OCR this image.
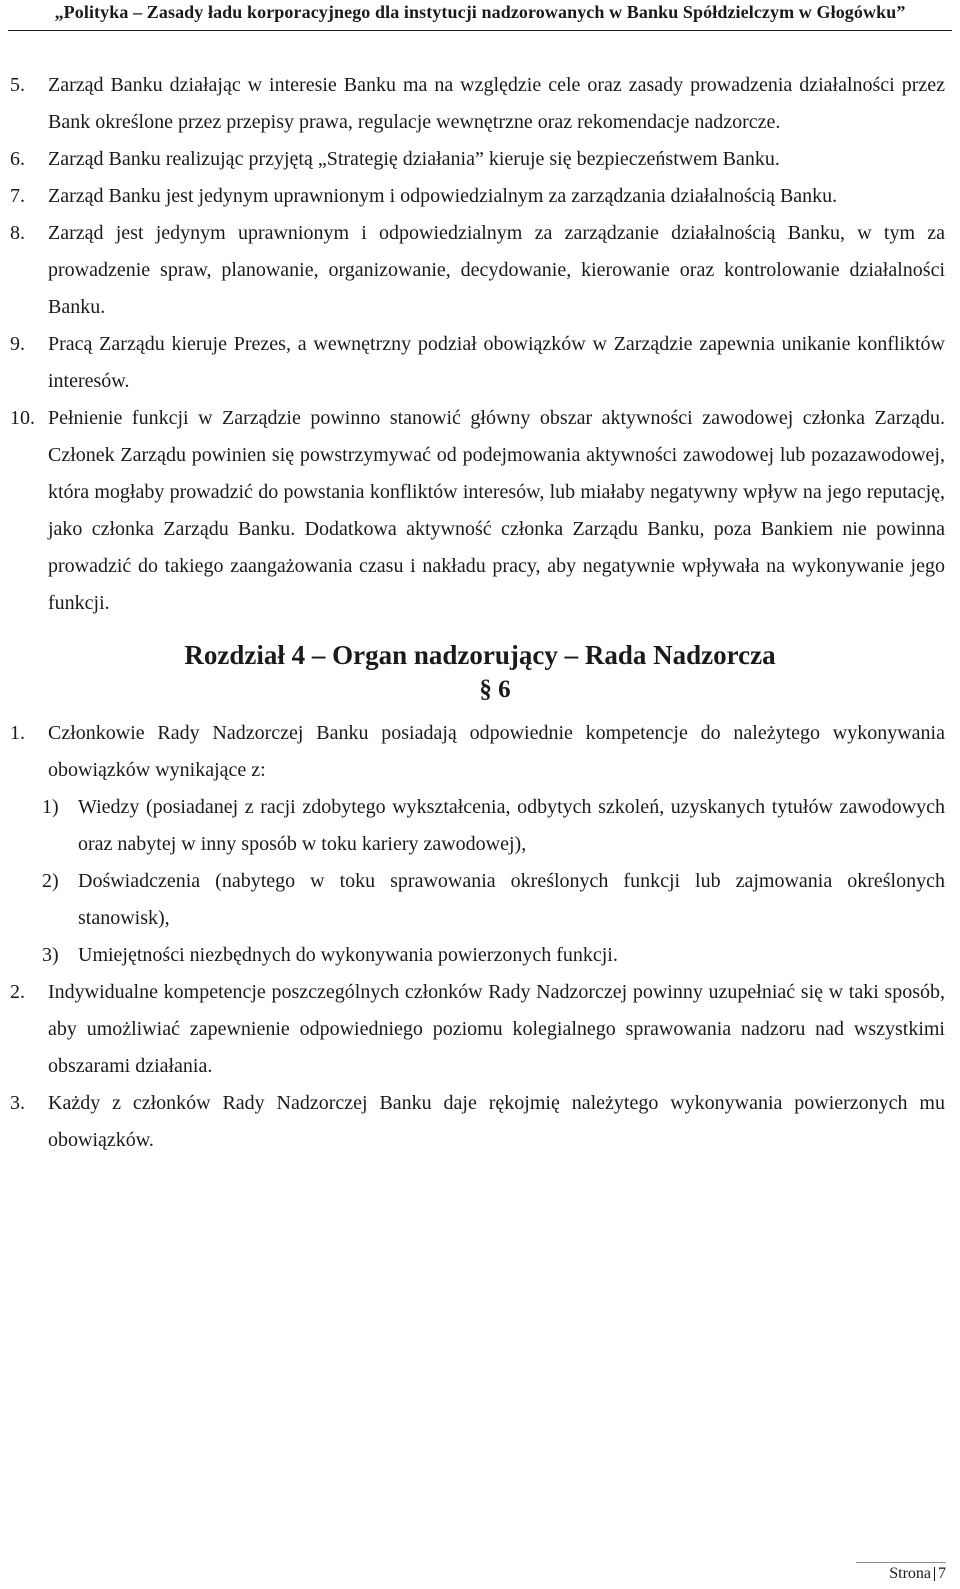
„Polityka – Zasady ładu korporacyjnego dla instytucji nadzorowanych w Banku Spółdzielczym w Głogówku”
5. Zarząd Banku działając w interesie Banku ma na względzie cele oraz zasady prowadzenia działalności przez Bank określone przez przepisy prawa, regulacje wewnętrzne oraz rekomendacje nadzorcze.
6. Zarząd Banku realizując przyjętą „Strategię działania” kieruje się bezpieczeństwem Banku.
7. Zarząd Banku jest jedynym uprawnionym i odpowiedzialnym za zarządzania działalnością Banku.
8. Zarząd jest jedynym uprawnionym i odpowiedzialnym za zarządzanie działalnością Banku, w tym za prowadzenie spraw, planowanie, organizowanie, decydowanie, kierowanie oraz kontrolowanie działalności Banku.
9. Pracą Zarządu kieruje Prezes, a wewnętrzny podział obowiązków w Zarządzie zapewnia unikanie konfliktów interesów.
10. Pełnienie funkcji w Zarządzie powinno stanowić główny obszar aktywności zawodowej członka Zarządu. Członek Zarządu powinien się powstrzymywać od podejmowania aktywności zawodowej lub pozazawodowej, która mogłaby prowadzić do powstania konfliktów interesów, lub miałaby negatywny wpływ na jego reputację, jako członka Zarządu Banku. Dodatkowa aktywność członka Zarządu Banku, poza Bankiem nie powinna prowadzić do takiego zaangażowania czasu i nakładu pracy, aby negatywnie wpływała na wykonywanie jego funkcji.
Rozdział 4 – Organ nadzorujący – Rada Nadzorcza
§ 6
1. Członkowie Rady Nadzorczej Banku posiadają odpowiednie kompetencje do należytego wykonywania obowiązków wynikające z:
1) Wiedzy (posiadanej z racji zdobytego wykształcenia, odbytych szkoleń, uzyskanych tytułów zawodowych oraz nabytej w inny sposób w toku kariery zawodowej),
2) Doświadczenia (nabytego w toku sprawowania określonych funkcji lub zajmowania określonych stanowisk),
3) Umiejętności niezbędnych do wykonywania powierzonych funkcji.
2. Indywidualne kompetencje poszczególnych członków Rady Nadzorczej powinny uzupełniać się w taki sposób, aby umożliwiać zapewnienie odpowiedniego poziomu kolegialnego sprawowania nadzoru nad wszystkimi obszarami działania.
3. Każdy z członków Rady Nadzorczej Banku daje rękojmię należytego wykonywania powierzonych mu obowiązków.
Strona 7
